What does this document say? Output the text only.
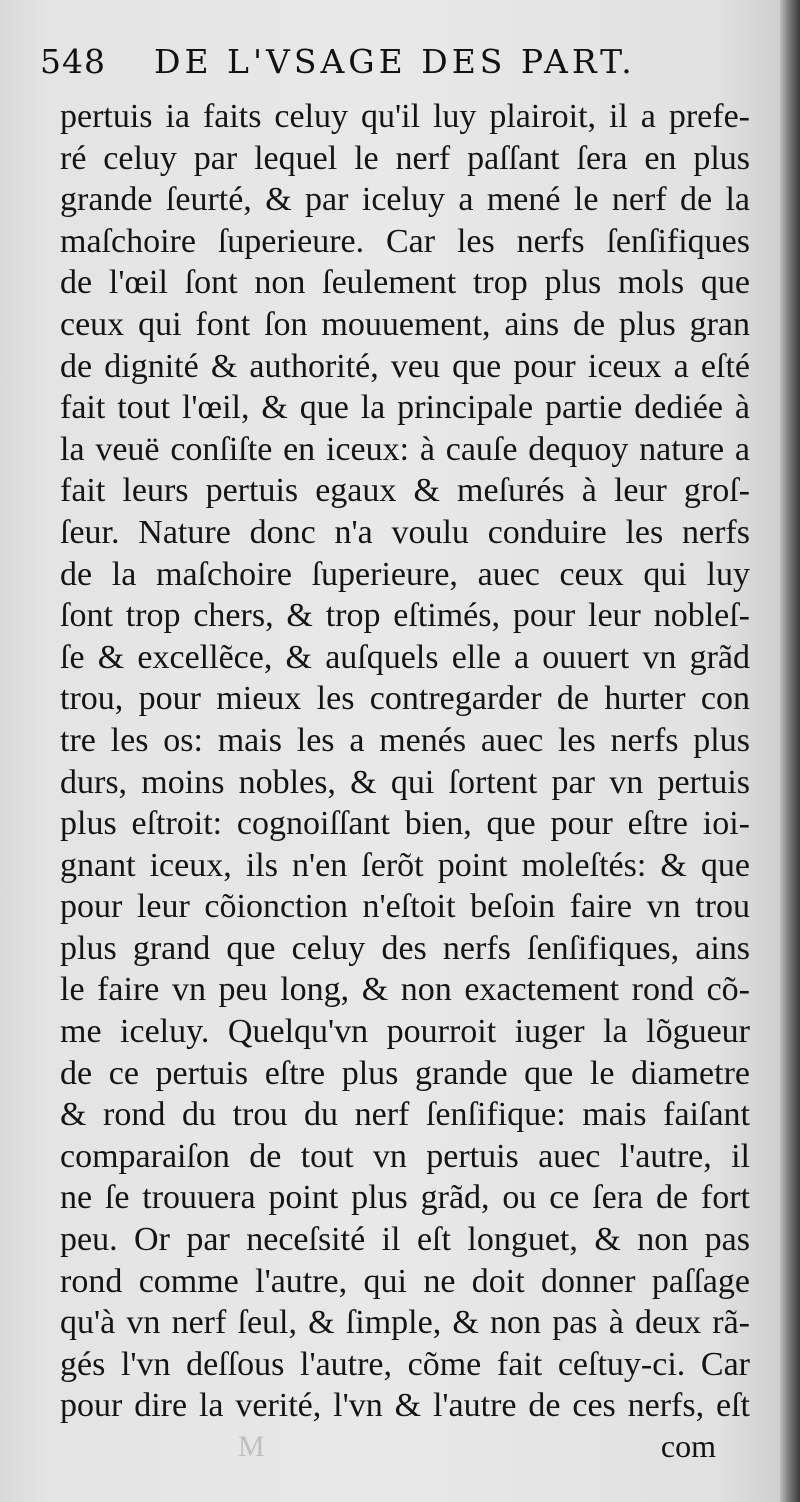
548 DE L'VSAGE DES PART.
pertuis ia faits celuy qu'il luy plairoit, il a prefe-
ré celuy par lequel le nerf paſſant ſera en plus
grande ſeurté, & par iceluy a mené le nerf de la
maſchoire ſuperieure. Car les nerfs ſenſifiques
de l'œil ſont non ſeulement trop plus mols que
ceux qui font ſon mouuement, ains de plus gran
de dignité & authorité, veu que pour iceux a eſté
fait tout l'œil, & que la principale partie dediée à
la veuë conſiſte en iceux: à cauſe dequoy nature a
fait leurs pertuis egaux & meſurés à leur groſ-
ſeur. Nature donc n'a voulu conduire les nerfs
de la maſchoire ſuperieure, auec ceux qui luy
ſont trop chers, & trop eſtimés, pour leur nobleſ-
ſe & excellẽce, & auſquels elle a ouuert vn grãd
trou, pour mieux les contregarder de hurter con
tre les os: mais les a menés auec les nerfs plus
durs, moins nobles, & qui ſortent par vn pertuis
plus eſtroit: cognoiſſant bien, que pour eſtre ioi-
gnant iceux, ils n'en ſerõt point moleſtés: & que
pour leur cõionction n'eſtoit beſoin faire vn trou
plus grand que celuy des nerfs ſenſifiques, ains
le faire vn peu long, & non exactement rond cõ-
me iceluy. Quelqu'vn pourroit iuger la lõgueur
de ce pertuis eſtre plus grande que le diametre
& rond du trou du nerf ſenſifique: mais faiſant
comparaiſon de tout vn pertuis auec l'autre, il
ne ſe trouuera point plus grãd, ou ce ſera de fort
peu. Or par neceſsité il eſt longuet, & non pas
rond comme l'autre, qui ne doit donner paſſage
qu'à vn nerf ſeul, & ſimple, & non pas à deux rã-
gés l'vn deſſous l'autre, cõme fait ceſtuy-ci. Car
pour dire la verité, l'vn & l'autre de ces nerfs, eſt
M	com
